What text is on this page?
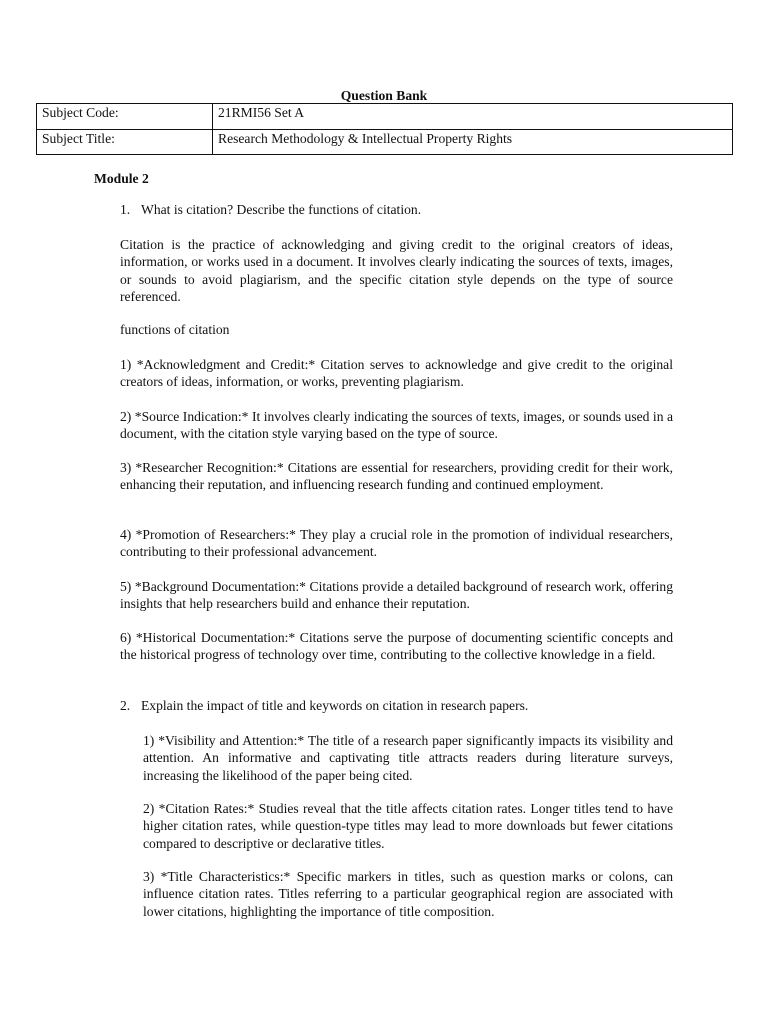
Question Bank
Subject Code:	21RMI56 Set A
Subject Title:	Research Methodology & Intellectual Property Rights
Module 2
1. What is citation? Describe the functions of citation.
Citation is the practice of acknowledging and giving credit to the original creators of ideas, information, or works used in a document. It involves clearly indicating the sources of texts, images, or sounds to avoid plagiarism, and the specific citation style depends on the type of source referenced.
functions of citation
1) *Acknowledgment and Credit:* Citation serves to acknowledge and give credit to the original creators of ideas, information, or works, preventing plagiarism.
2) *Source Indication:* It involves clearly indicating the sources of texts, images, or sounds used in a document, with the citation style varying based on the type of source.
3) *Researcher Recognition:* Citations are essential for researchers, providing credit for their work, enhancing their reputation, and influencing research funding and continued employment.
4) *Promotion of Researchers:* They play a crucial role in the promotion of individual researchers, contributing to their professional advancement.
5) *Background Documentation:* Citations provide a detailed background of research work, offering insights that help researchers build and enhance their reputation.
6) *Historical Documentation:* Citations serve the purpose of documenting scientific concepts and the historical progress of technology over time, contributing to the collective knowledge in a field.
2. Explain the impact of title and keywords on citation in research papers.
1) *Visibility and Attention:* The title of a research paper significantly impacts its visibility and attention. An informative and captivating title attracts readers during literature surveys, increasing the likelihood of the paper being cited.
2) *Citation Rates:* Studies reveal that the title affects citation rates. Longer titles tend to have higher citation rates, while question-type titles may lead to more downloads but fewer citations compared to descriptive or declarative titles.
3) *Title Characteristics:* Specific markers in titles, such as question marks or colons, can influence citation rates. Titles referring to a particular geographical region are associated with lower citations, highlighting the importance of title composition.
